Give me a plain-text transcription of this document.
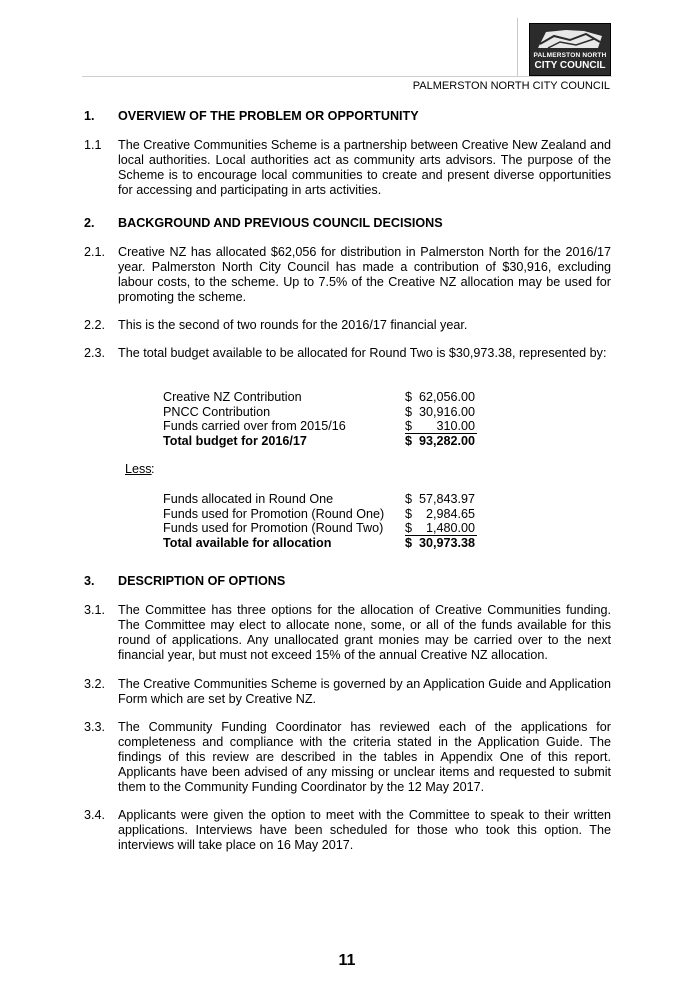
PALMERSTON NORTH
CITY COUNCIL
PALMERSTON NORTH CITY COUNCIL
1. OVERVIEW OF THE PROBLEM OR OPPORTUNITY
1.1 The Creative Communities Scheme is a partnership between Creative New Zealand and local authorities. Local authorities act as community arts advisors. The purpose of the Scheme is to encourage local communities to create and present diverse opportunities for accessing and participating in arts activities.
2. BACKGROUND AND PREVIOUS COUNCIL DECISIONS
2.1. Creative NZ has allocated $62,056 for distribution in Palmerston North for the 2016/17 year. Palmerston North City Council has made a contribution of $30,916, excluding labour costs, to the scheme. Up to 7.5% of the Creative NZ allocation may be used for promoting the scheme.
2.2. This is the second of two rounds for the 2016/17 financial year.
2.3. The total budget available to be allocated for Round Two is $30,973.38, represented by:
Creative NZ Contribution	$ 62,056.00
PNCC Contribution	$ 30,916.00
Funds carried over from 2015/16	$ 310.00
Total budget for 2016/17	$ 93,282.00
Less :
Funds allocated in Round One	$ 57,843.97
Funds used for Promotion (Round One) $ 2,984.65
Funds used for Promotion (Round Two) $ 1,480.00
Total available for allocation	$ 30,973.38
3. DESCRIPTION OF OPTIONS
3.1. The Committee has three options for the allocation of Creative Communities funding. The Committee may elect to allocate none, some, or all of the funds available for this round of applications. Any unallocated grant monies may be carried over to the next financial year, but must not exceed 15% of the annual Creative NZ allocation.
3.2. The Creative Communities Scheme is governed by an Application Guide and Application Form which are set by Creative NZ.
3.3. The Community Funding Coordinator has reviewed each of the applications for completeness and compliance with the criteria stated in the Application Guide. The findings of this review are described in the tables in Appendix One of this report. Applicants have been advised of any missing or unclear items and requested to submit them to the Community Funding Coordinator by the 12 May 2017.
3.4. Applicants were given the option to meet with the Committee to speak to their written applications. Interviews have been scheduled for those who took this option. The interviews will take place on 16 May 2017.
11
